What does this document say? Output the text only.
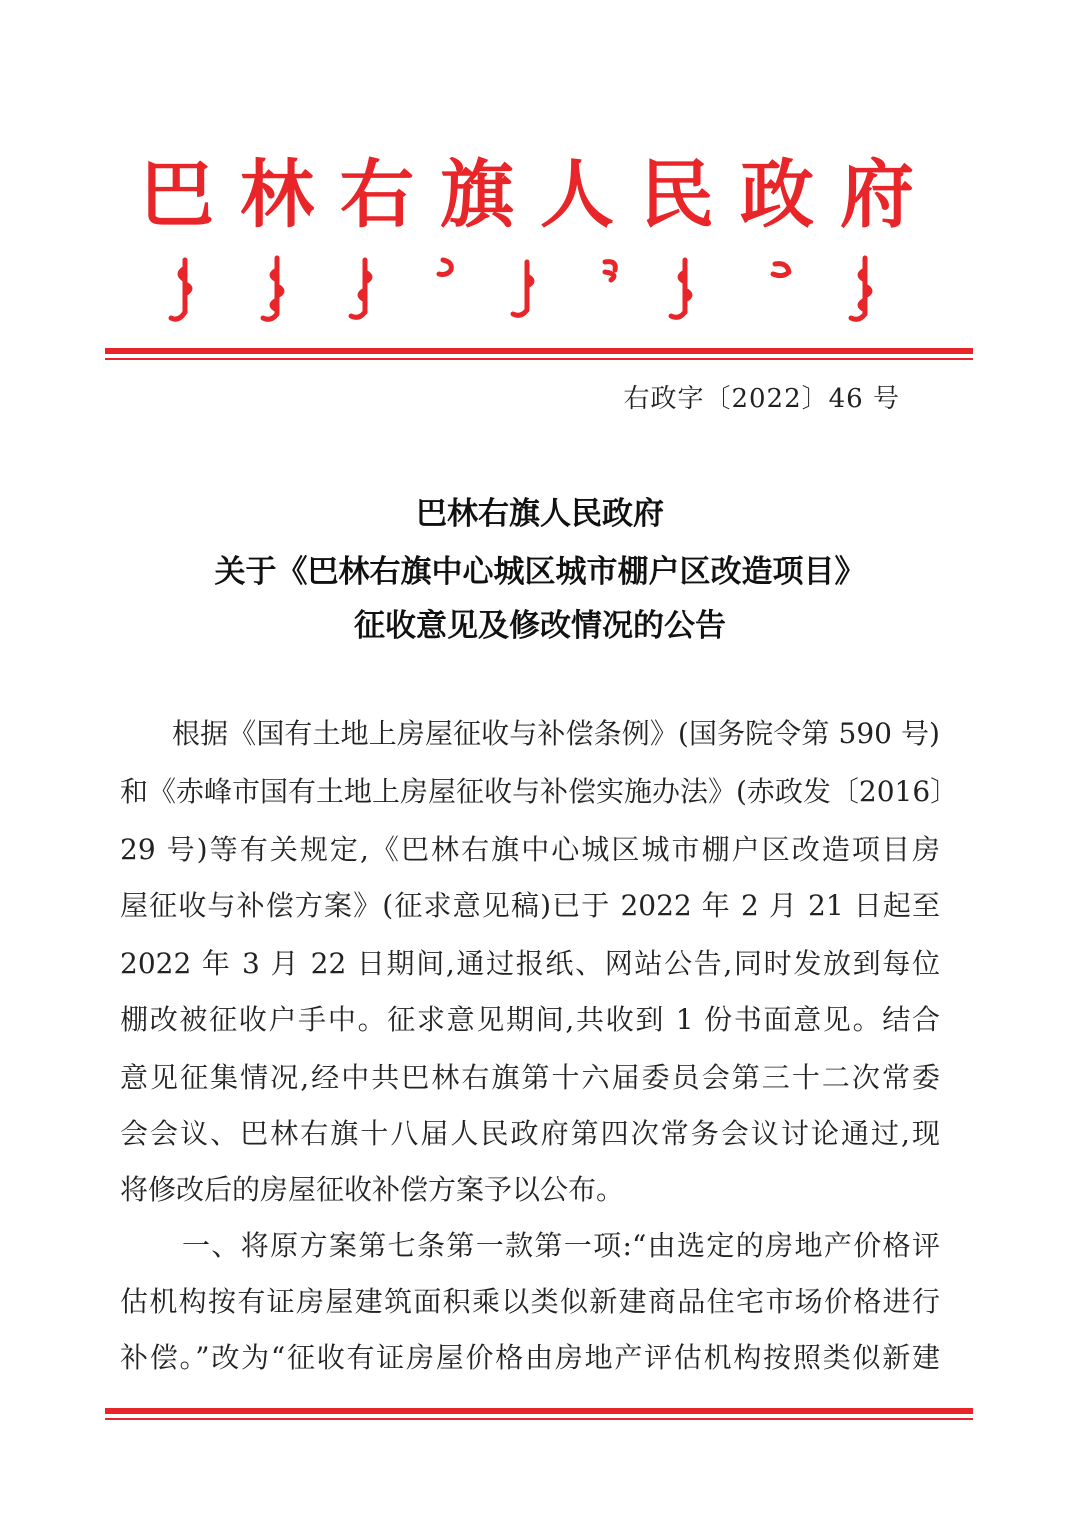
巴林右旗人民政府
右政字〔2022〕46 号
巴林右旗人民政府
关于《巴林右旗中心城区城市棚户区改造项目》
征收意见及修改情况的公告
根据《国有土地上房屋征收与补偿条例》(国务院令第 590 号)
和《赤峰市国有土地上房屋征收与补偿实施办法》(赤政发〔2016〕
29 号)等有关规定,《巴林右旗中心城区城市棚户区改造项目房
屋征收与补偿方案》(征求意见稿)已于 2022 年 2 月 21 日起至
2022 年 3 月 22 日期间,通过报纸、网站公告,同时发放到每位
棚改被征收户手中。征求意见期间,共收到 1 份书面意见。结合
意见征集情况,经中共巴林右旗第十六届委员会第三十二次常委
会会议、巴林右旗十八届人民政府第四次常务会议讨论通过,现
将修改后的房屋征收补偿方案予以公布。
一、将原方案第七条第一款第一项:“由选定的房地产价格评
估机构按有证房屋建筑面积乘以类似新建商品住宅市场价格进行
补偿。”改为“征收有证房屋价格由房地产评估机构按照类似新建
